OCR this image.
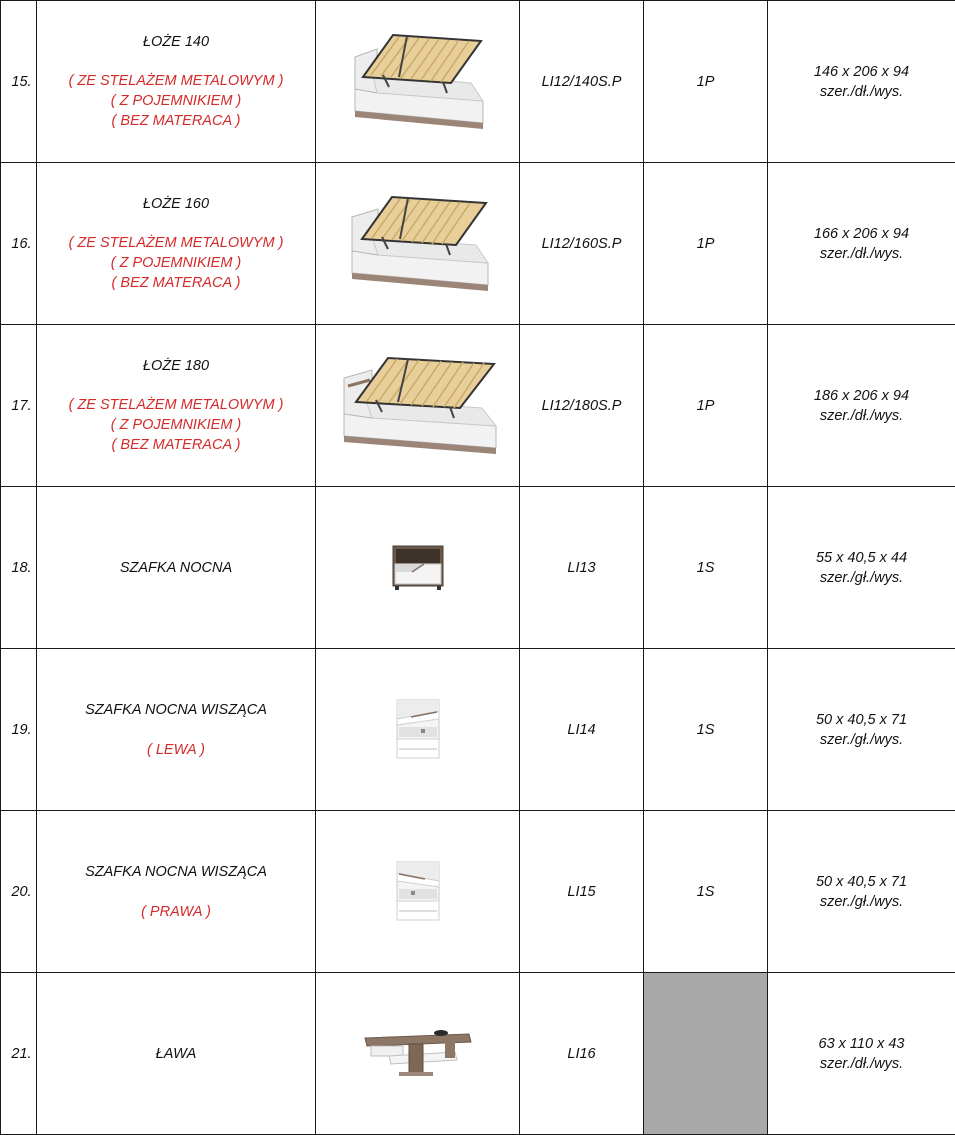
15.	ŁOŻE 140
( ZE STELAŻEM METALOWYM )
( Z POJEMNIKIEM )
( BEZ MATERACA )		LI12/140S.P	1P	146 x 206 x 94
szer./dł./wys.

16.	ŁOŻE 160
( ZE STELAŻEM METALOWYM )
( Z POJEMNIKIEM )
( BEZ MATERACA )		LI12/160S.P	1P	166 x 206 x 94
szer./dł./wys.

17.	ŁOŻE 180
( ZE STELAŻEM METALOWYM )
( Z POJEMNIKIEM )
( BEZ MATERACA )		LI12/180S.P	1P	186 x 206 x 94
szer./dł./wys.

18.	SZAFKA NOCNA		LI13	1S	55 x 40,5 x 44
szer./gł./wys.

19.	SZAFKA NOCNA WISZĄCA
( LEWA )		LI14	1S	50 x 40,5 x 71
szer./gł./wys.

20.	SZAFKA NOCNA WISZĄCA
( PRAWA )		LI15	1S	50 x 40,5 x 71
szer./gł./wys.

21.	ŁAWA		LI16		63 x 110 x 43
szer./dł./wys.
